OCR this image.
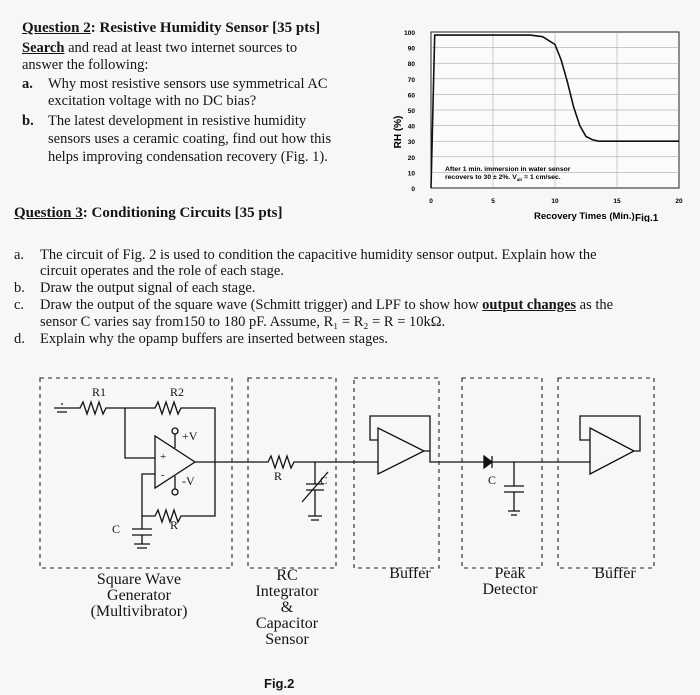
Question 2: Resistive Humidity Sensor [35 pts]
Search and read at least two internet sources to
answer the following:
a. Why most resistive sensors use symmetrical AC
excitation voltage with no DC bias?
b. The latest development in resistive humidity
sensors uses a ceramic coating, find out how this
helps improving condensation recovery (Fig. 1).
0
10
20
30
40
50
60
70
80
90
100
0	5	10	15	20
RH (%)
After 1 min. immersion in water sensor
recovers to 30 ± 2%. $V_{air} = 1$ cm/sec.
Recovery Times (Min.) Fig.1
Question 3: Conditioning Circuits [35 pts]
a. The circuit of Fig. 2 is used to condition the capacitive humidity sensor output. Explain how the
circuit operates and the role of each stage.
b. Draw the output signal of each stage.
c. Draw the output of the square wave (Schmitt trigger) and LPF to show how output changes as the
sensor C varies say from150 to 180 pF. Assume, R₁ = R₂ = R = 10kΩ.
d. Explain why the opamp buffers are inserted between stages.
R1	R2
+V
-V
+
-
R
C
R	C	C
Square Wave
Generator
(Multivibrator)
RC
Integrator
&
Capacitor
Sensor
Buffer	Peak
Detector
Buffer
Fig.2
